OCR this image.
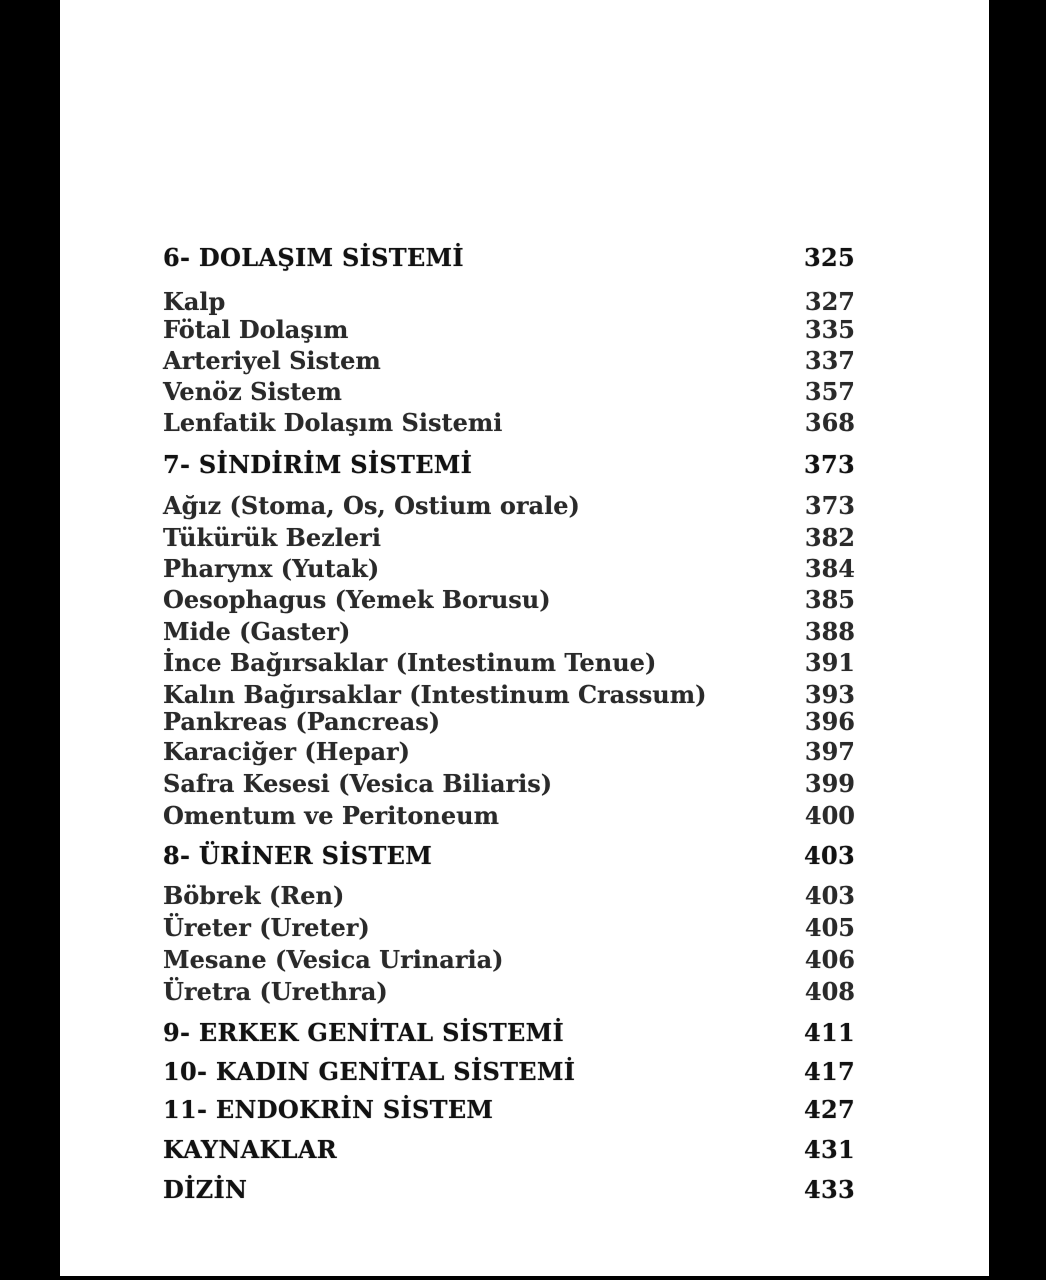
6- DOLAŞIM SİSTEMİ	325
Kalp	327
Fötal Dolaşım	335
Arteriyel Sistem	337
Venöz Sistem	357
Lenfatik Dolaşım Sistemi	368
7- SİNDİRİM SİSTEMİ	373
Ağız (Stoma, Os, Ostium orale)	373
Tükürük Bezleri	382
Pharynx (Yutak)	384
Oesophagus (Yemek Borusu)	385
Mide (Gaster)	388
İnce Bağırsaklar (Intestinum Tenue)	391
Kalın Bağırsaklar (Intestinum Crassum)	393
Pankreas (Pancreas)	396
Karaciğer (Hepar)	397
Safra Kesesi (Vesica Biliaris)	399
Omentum ve Peritoneum	400
8- ÜRİNER SİSTEM	403
Böbrek (Ren)	403
Üreter (Ureter)	405
Mesane (Vesica Urinaria)	406
Üretra (Urethra)	408
9- ERKEK GENİTAL SİSTEMİ	411
10- KADIN GENİTAL SİSTEMİ	417
11- ENDOKRİN SİSTEM	427
KAYNAKLAR	431
DİZİN	433
